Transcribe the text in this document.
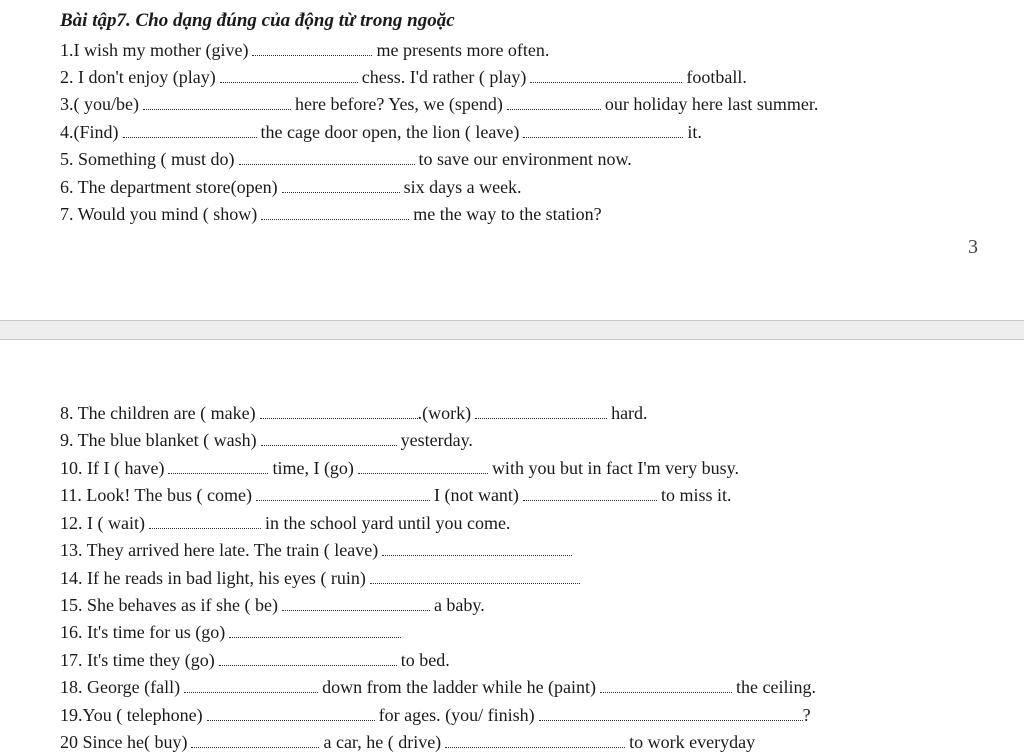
Bài tập7. Cho dạng đúng của động từ trong ngoặc
1.I wish my mother (give)	me presents more often.
2. I don't enjoy (play)	chess. I'd rather ( play)	football.
3.( you/be)	here before? Yes, we (spend)	our holiday here last summer.
4.(Find)	the cage door open, the lion ( leave)	it.
5. Something ( must do)	to save our environment now.
6. The department store(open)	six days a week.
7. Would you mind ( show)	me the way to the station?
3
8. The children are ( make)	.(work)	hard.
9. The blue blanket ( wash)	yesterday.
10. If I ( have)	time, I (go)	with you but in fact I'm very busy.
11. Look! The bus ( come)	I (not want)	to miss it.
12. I ( wait)	in the school yard until you come.
13. They arrived here late. The train ( leave)
14. If he reads in bad light, his eyes ( ruin)
15. She behaves as if she ( be)	a baby.
16. It's time for us (go)
17. It's time they (go)	to bed.
18. George (fall)	down from the ladder while he (paint)	the ceiling.
19.You ( telephone)	for ages. (you/ finish)	?
20 Since he( buy)	a car, he ( drive)	to work everyday
